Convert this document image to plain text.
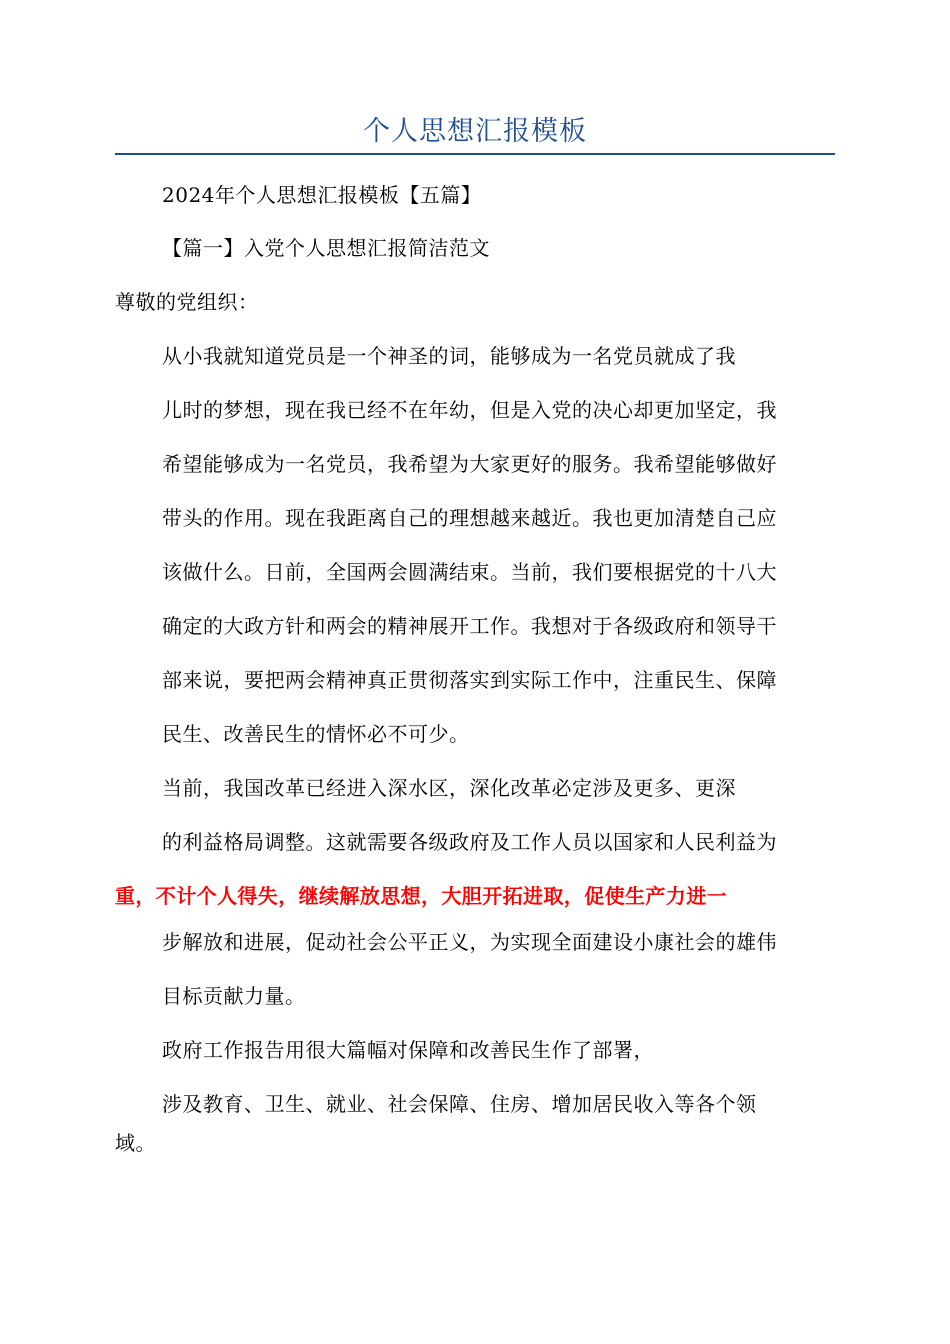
个人思想汇报模板
2024年个人思想汇报模板【五篇】
【篇一】入党个人思想汇报简洁范文
尊敬的党组织：
从小我就知道党员是一个神圣的词，能够成为一名党员就成了我
儿时的梦想，现在我已经不在年幼，但是入党的决心却更加坚定，我
希望能够成为一名党员，我希望为大家更好的服务。我希望能够做好
带头的作用。现在我距离自己的理想越来越近。我也更加清楚自己应
该做什么。日前，全国两会圆满结束。当前，我们要根据党的十八大
确定的大政方针和两会的精神展开工作。我想对于各级政府和领导干
部来说，要把两会精神真正贯彻落实到实际工作中，注重民生、保障
民生、改善民生的情怀必不可少。
当前，我国改革已经进入深水区，深化改革必定涉及更多、更深
的利益格局调整。这就需要各级政府及工作人员以国家和人民利益为
重，不计个人得失，继续解放思想，大胆开拓进取，促使生产力进一
步解放和进展，促动社会公平正义，为实现全面建设小康社会的雄伟
目标贡献力量。
政府工作报告用很大篇幅对保障和改善民生作了部署，
涉及教育、卫生、就业、社会保障、住房、增加居民收入等各个领
域。
